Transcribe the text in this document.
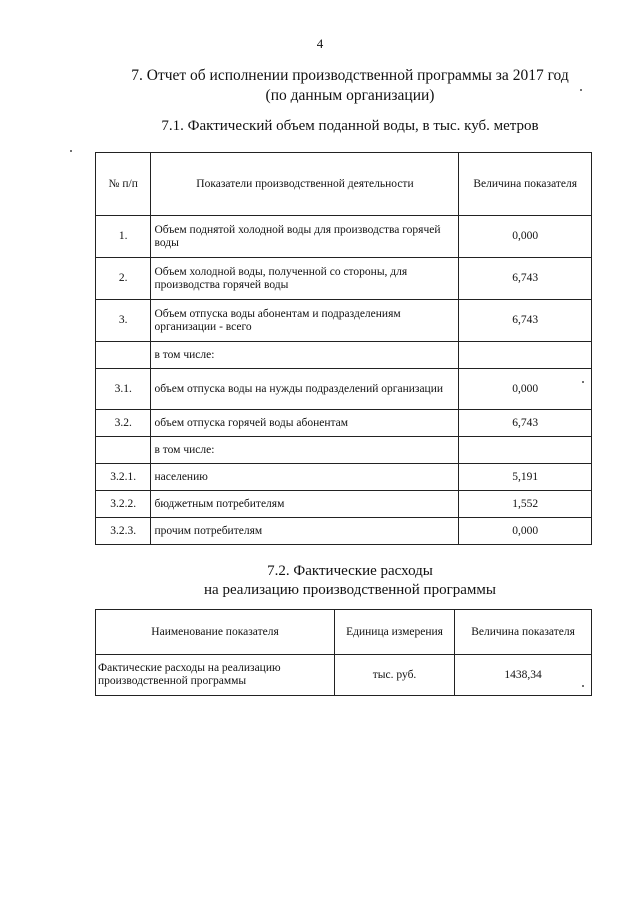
4
7. Отчет об исполнении производственной программы за 2017 год
(по данным организации)
7.1. Фактический объем поданной воды, в тыс. куб. метров
№ п/п	Показатели производственной деятельности	Величина показателя
1.	Объем поднятой холодной воды для производства горячей воды	0,000
2.	Объем холодной воды, полученной со стороны, для производства горячей воды	6,743
3.	Объем отпуска воды абонентам и подразделениям организации - всего	6,743
	в том числе:	
3.1.	объем отпуска воды на нужды подразделений организации	0,000
3.2.	объем отпуска горячей воды абонентам	6,743
	в том числе:	
3.2.1.	населению	5,191
3.2.2.	бюджетным потребителям	1,552
3.2.3.	прочим потребителям	0,000
7.2. Фактические расходы
на реализацию производственной программы
Наименование показателя	Единица измерения	Величина показателя
Фактические расходы на реализацию производственной программы	тыс. руб.	1438,34
